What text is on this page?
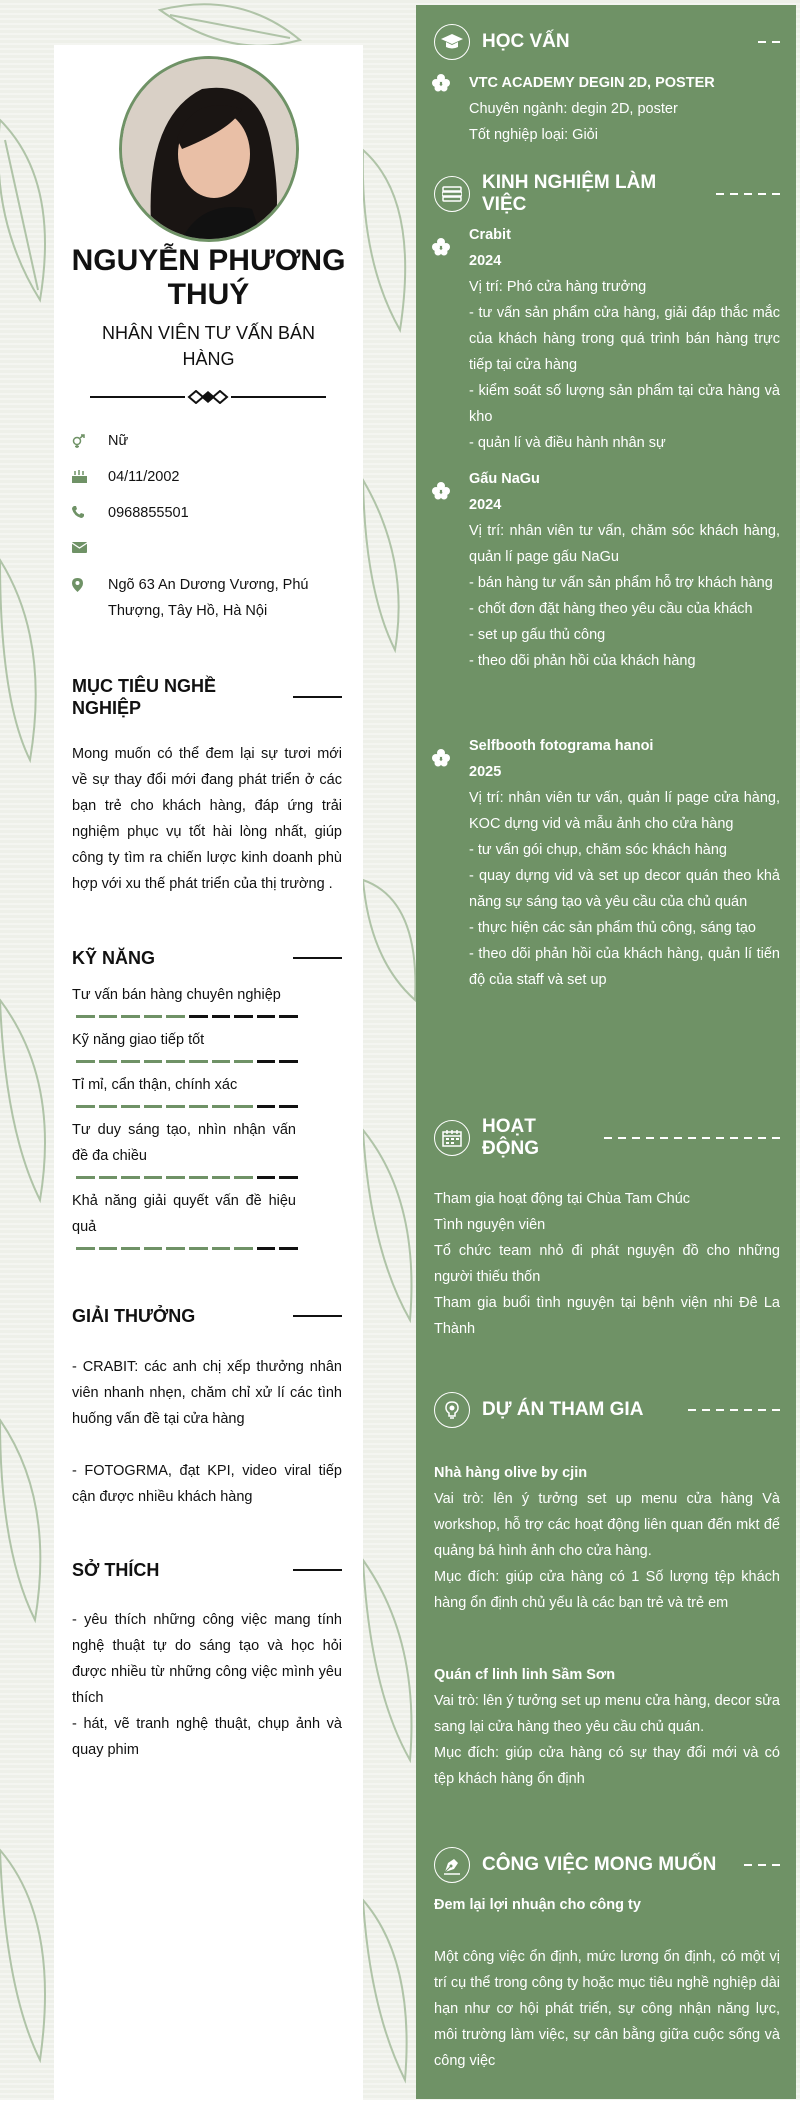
NGUYỄN PHƯƠNG
THUÝ
NHÂN VIÊN TƯ VẤN BÁN
HÀNG
Nữ
04/11/2002
0968855501
Ngõ 63 An Dương Vương, Phú Thượng, Tây Hồ, Hà Nội
MỤC TIÊU NGHỀ NGHIỆP
Mong muốn có thể đem lại sự tươi mới về sự thay đổi mới đang phát triển ở các bạn trẻ cho khách hàng, đáp ứng trải nghiệm phục vụ tốt hài lòng nhất, giúp công ty tìm ra chiến lược kinh doanh phù hợp với xu thế phát triển của thị trường .
KỸ NĂNG
Tư vấn bán hàng chuyên nghiệp
Kỹ năng giao tiếp tốt
Tỉ mỉ, cẩn thận, chính xác
Tư duy sáng tạo, nhìn nhận vấn đề đa chiều
Khả năng giải quyết vấn đề hiệu quả
GIẢI THƯỞNG
- CRABIT: các anh chị xếp thưởng nhân viên nhanh nhẹn, chăm chỉ xử lí các tình huống vấn đề tại cửa hàng
- FOTOGRMA, đạt KPI, video viral tiếp cận được nhiều khách hàng
SỞ THÍCH
- yêu thích những công việc mang tính nghệ thuật tự do sáng tạo và học hỏi được nhiều từ những công việc mình yêu thích
- hát, vẽ tranh nghệ thuật, chụp ảnh và quay phim
HỌC VẤN
VTC ACADEMY DEGIN 2D, POSTER
Chuyên ngành: degin 2D, poster
Tốt nghiệp loại: Giỏi
KINH NGHIỆM LÀM VIỆC
Crabit
2024
Vị trí: Phó cửa hàng trưởng
- tư vấn sản phẩm cửa hàng, giải đáp thắc mắc của khách hàng trong quá trình bán hàng trực tiếp tại cửa hàng
- kiểm soát số lượng sản phẩm tại cửa hàng và kho
- quản lí và điều hành nhân sự
Gấu NaGu
2024
Vị trí: nhân viên tư vấn, chăm sóc khách hàng, quản lí page gấu NaGu
- bán hàng tư vấn sản phẩm hỗ trợ khách hàng
- chốt đơn đặt hàng theo yêu cầu của khách
- set up gấu thủ công
- theo dõi phản hồi của khách hàng
Selfbooth fotograma hanoi
2025
Vị trí: nhân viên tư vấn, quản lí page cửa hàng, KOC dựng vid và mẫu ảnh cho cửa hàng
- tư vấn gói chụp, chăm sóc khách hàng
- quay dựng vid và set up decor quán theo khả năng sự sáng tạo và yêu cầu của chủ quán
- thực hiện các sản phẩm thủ công, sáng tạo
- theo dõi phản hồi của khách hàng, quản lí tiến độ của staff và set up
HOẠT ĐỘNG
Tham gia hoạt động tại Chùa Tam Chúc
Tình nguyện viên
Tổ chức team nhỏ đi phát nguyện đồ cho những người thiếu thốn
Tham gia buổi tình nguyện tại bệnh viện nhi Đê La Thành
DỰ ÁN THAM GIA
Nhà hàng olive by cjin
Vai trò: lên ý tưởng set up menu cửa hàng Và workshop, hỗ trợ các hoạt động liên quan đến mkt để quảng bá hình ảnh cho cửa hàng.
Mục đích: giúp cửa hàng có 1 Số lượng tệp khách hàng ổn định chủ yếu là các bạn trẻ và trẻ em
Quán cf linh linh Sầm Sơn
Vai trò: lên ý tưởng set up menu cửa hàng, decor sửa sang lại cửa hàng theo yêu cầu chủ quán.
Mục đích: giúp cửa hàng có sự thay đổi mới và có tệp khách hàng ổn định
CÔNG VIỆC MONG MUỐN
Đem lại lợi nhuận cho công ty
Một công việc ổn định, mức lương ổn định, có một vị trí cụ thể trong công ty hoặc mục tiêu nghề nghiệp dài hạn như cơ hội phát triển, sự công nhận năng lực, môi trường làm việc, sự cân bằng giữa cuộc sống và công việc
